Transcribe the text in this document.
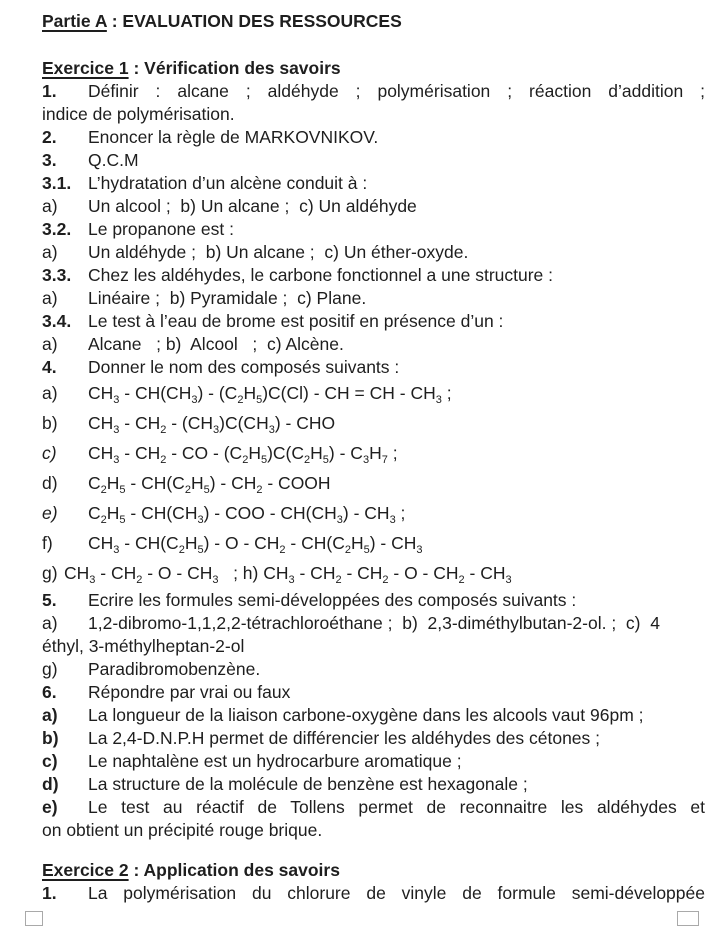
Partie A : EVALUATION DES RESSOURCES
Exercice 1 : Vérification des savoirs
1. Définir : alcane ; aldéhyde ; polymérisation ; réaction d’addition ;
indice de polymérisation.
2. Enoncer la règle de MARKOVNIKOV.
3. Q.C.M
3.1. L’hydratation d’un alcène conduit à :
a) Un alcool ;  b) Un alcane ;  c) Un aldéhyde
3.2. Le propanone est :
a) Un aldéhyde ;  b) Un alcane ;  c) Un éther-oxyde.
3.3. Chez les aldéhydes, le carbone fonctionnel a une structure :
a) Linéaire ;  b) Pyramidale ;  c) Plane.
3.4. Le test à l’eau de brome est positif en présence d’un :
a) Alcane   ; b)  Alcool   ;  c) Alcène.
4. Donner le nom des composés suivants :
a) $CH_3 - CH(CH_3) - (C_2H_5)C(Cl)$ - CH = CH - $CH_3$ ;
b) $CH_3 - CH_2 - (CH_3)C(CH_3)$ - CHO
c) $CH_3 - CH_2$ - CO - $(C_2H_5)C(C_2H_5) - C_3H_7$ ;
d) $C_2H_5 - CH(C_2H_5) - CH_2$ - COOH
e) $C_2H_5 - CH(CH_3)$ - COO - $CH(CH_3) - CH_3$ ;
f) $CH_3 - CH(C_2H_5)$ - O - $CH_2 - CH(C_2H_5) - CH_3$
g) $CH_3 - CH_2$ - O - $CH_3$   ; h) $CH_3 - CH_2 - CH_2$ - O - $CH_2 - CH_3$
5. Ecrire les formules semi-développées des composés suivants :
a) 1,2-dibromo-1,1,2,2-tétrachloroéthane ;  b)  2,3-diméthylbutan-2-ol. ;  c)  4
éthyl, 3-méthylheptan-2-ol
g) Paradibromobenzène.
6. Répondre par vrai ou faux
a) La longueur de la liaison carbone-oxygène dans les alcools vaut 96pm ;
b) La 2,4-D.N.P.H permet de différencier les aldéhydes des cétones ;
c) Le naphtalène est un hydrocarbure aromatique ;
d) La structure de la molécule de benzène est hexagonale ;
e) Le test au réactif de Tollens permet de reconnaitre les aldéhydes et
on obtient un précipité rouge brique.
Exercice 2 : Application des savoirs
1. La polymérisation du chlorure de vinyle de formule semi-développée
